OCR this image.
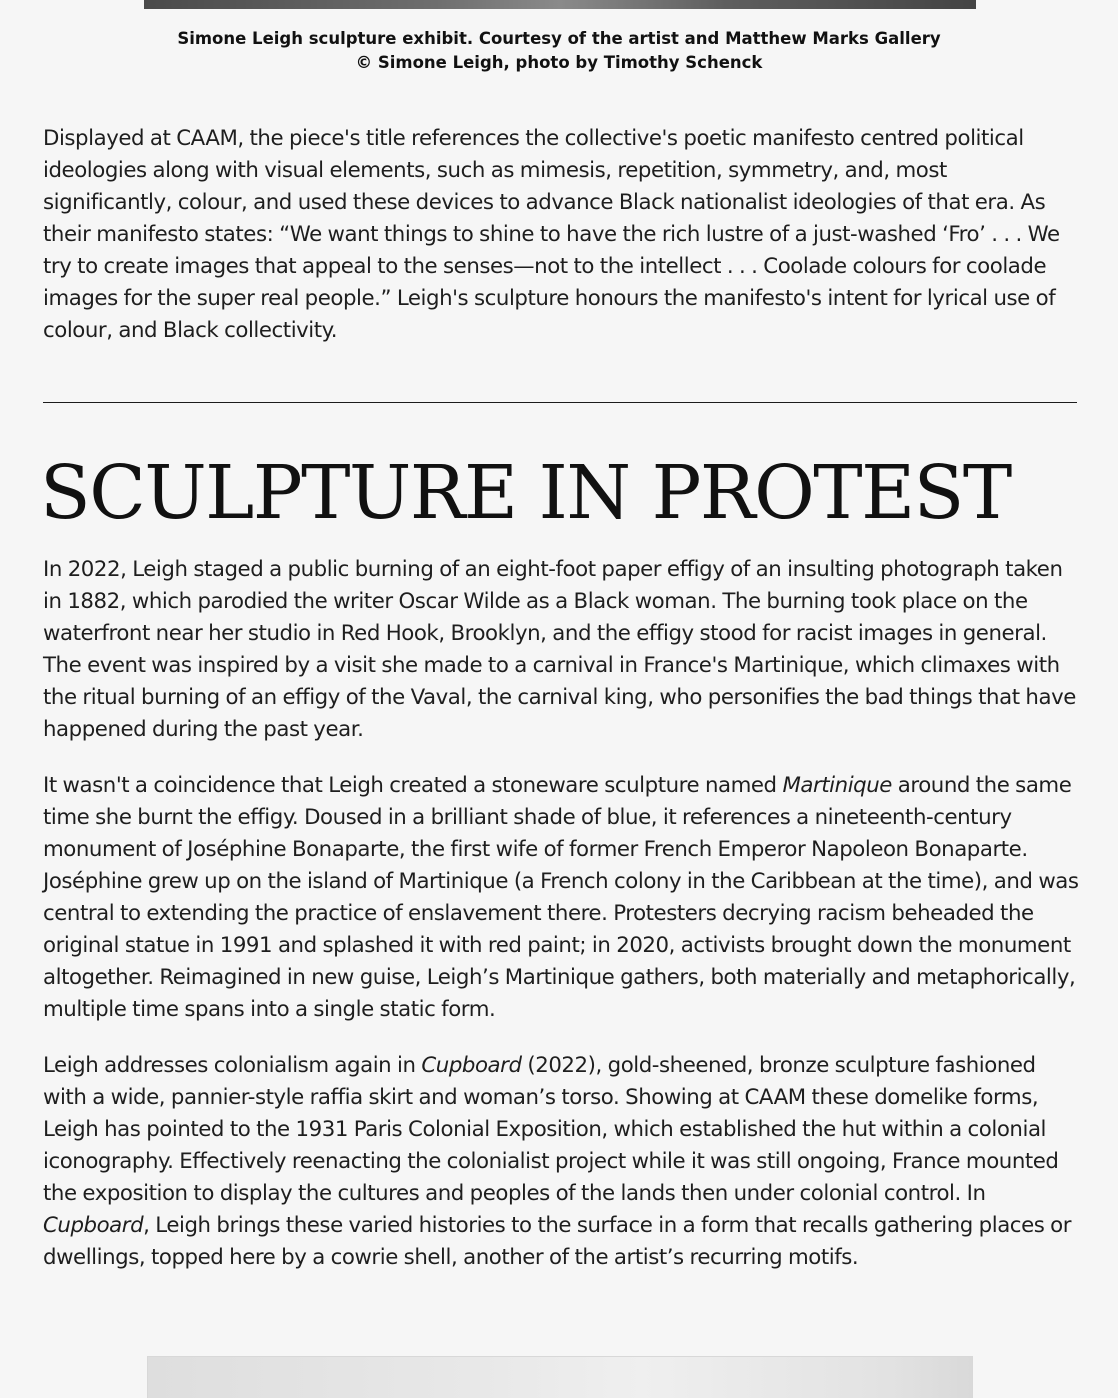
Simone Leigh sculpture exhibit. Courtesy of the artist and Matthew Marks Gallery
© Simone Leigh, photo by Timothy Schenck

Displayed at CAAM, the piece's title references the collective's poetic manifesto centred political ideologies along with visual elements, such as mimesis, repetition, symmetry, and, most significantly, colour, and used these devices to advance Black nationalist ideologies of that era. As their manifesto states: “We want things to shine to have the rich lustre of a just-washed ‘Fro’ . . . We try to create images that appeal to the senses—not to the intellect . . . Coolade colours for coolade images for the super real people.” Leigh's sculpture honours the manifesto's intent for lyrical use of colour, and Black collectivity.

SCULPTURE IN PROTEST

In 2022, Leigh staged a public burning of an eight-foot paper effigy of an insulting photograph taken in 1882, which parodied the writer Oscar Wilde as a Black woman. The burning took place on the waterfront near her studio in Red Hook, Brooklyn, and the effigy stood for racist images in general. The event was inspired by a visit she made to a carnival in France's Martinique, which climaxes with the ritual burning of an effigy of the Vaval, the carnival king, who personifies the bad things that have happened during the past year.

It wasn't a coincidence that Leigh created a stoneware sculpture named Martinique around the same time she burnt the effigy. Doused in a brilliant shade of blue, it references a nineteenth-century monument of Joséphine Bonaparte, the first wife of former French Emperor Napoleon Bonaparte. Joséphine grew up on the island of Martinique (a French colony in the Caribbean at the time), and was central to extending the practice of enslavement there. Protesters decrying racism beheaded the original statue in 1991 and splashed it with red paint; in 2020, activists brought down the monument altogether. Reimagined in new guise, Leigh’s Martinique gathers, both materially and metaphorically, multiple time spans into a single static form.

Leigh addresses colonialism again in Cupboard (2022), gold-sheened, bronze sculpture fashioned with a wide, pannier-style raffia skirt and woman’s torso. Showing at CAAM these domelike forms, Leigh has pointed to the 1931 Paris Colonial Exposition, which established the hut within a colonial iconography. Effectively reenacting the colonialist project while it was still ongoing, France mounted the exposition to display the cultures and peoples of the lands then under colonial control. In Cupboard, Leigh brings these varied histories to the surface in a form that recalls gathering places or dwellings, topped here by a cowrie shell, another of the artist’s recurring motifs.
